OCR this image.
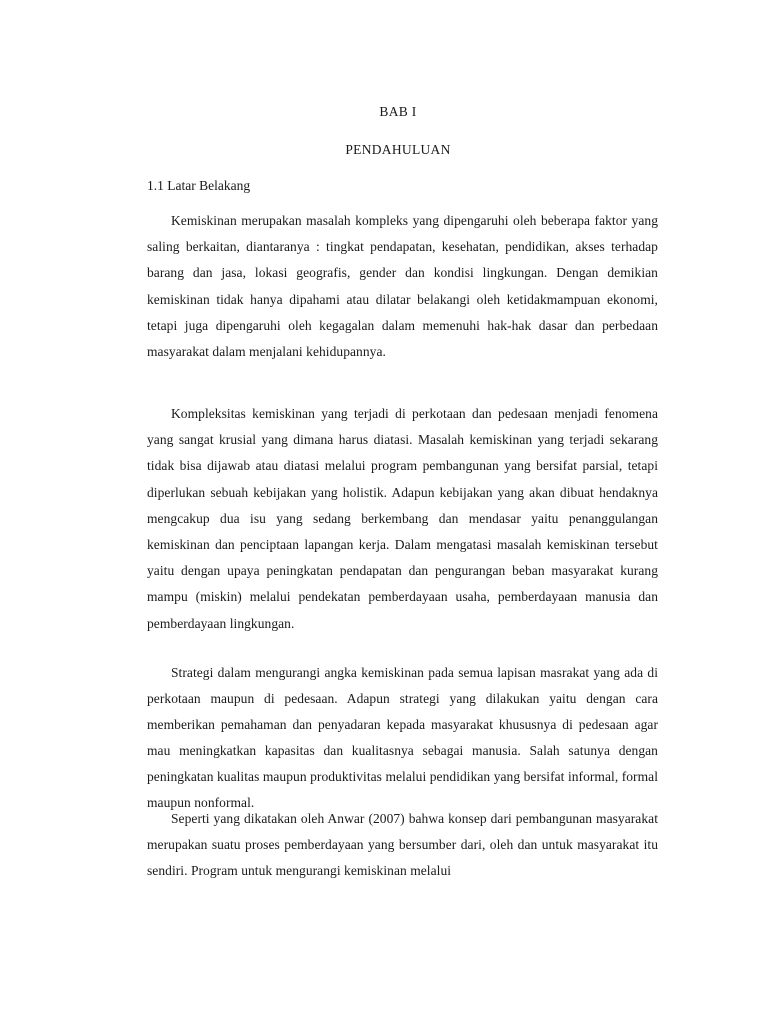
BAB I
PENDAHULUAN
1.1 Latar Belakang

Kemiskinan merupakan masalah kompleks yang dipengaruhi oleh beberapa faktor yang saling berkaitan, diantaranya : tingkat pendapatan, kesehatan, pendidikan, akses terhadap barang dan jasa, lokasi geografis, gender dan kondisi lingkungan. Dengan demikian kemiskinan tidak hanya dipahami atau dilatar belakangi oleh ketidakmampuan ekonomi, tetapi juga dipengaruhi oleh kegagalan dalam memenuhi hak-hak dasar dan perbedaan masyarakat dalam menjalani kehidupannya.

Kompleksitas kemiskinan yang terjadi di perkotaan dan pedesaan menjadi fenomena yang sangat krusial yang dimana harus diatasi. Masalah kemiskinan yang terjadi sekarang tidak bisa dijawab atau diatasi melalui program pembangunan yang bersifat parsial, tetapi diperlukan sebuah kebijakan yang holistik. Adapun kebijakan yang akan dibuat hendaknya mengcakup dua isu yang sedang berkembang dan mendasar yaitu penanggulangan kemiskinan dan penciptaan lapangan kerja. Dalam mengatasi masalah kemiskinan tersebut yaitu dengan upaya peningkatan pendapatan dan pengurangan beban masyarakat kurang mampu (miskin) melalui pendekatan pemberdayaan usaha, pemberdayaan manusia dan pemberdayaan lingkungan.

Strategi dalam mengurangi angka kemiskinan pada semua lapisan masrakat yang ada di perkotaan maupun di pedesaan. Adapun strategi yang dilakukan yaitu dengan cara memberikan pemahaman dan penyadaran kepada masyarakat khususnya di pedesaan agar mau meningkatkan kapasitas dan kualitasnya sebagai manusia. Salah satunya dengan peningkatan kualitas maupun produktivitas melalui pendidikan yang bersifat informal, formal maupun nonformal.

Seperti yang dikatakan oleh Anwar (2007) bahwa konsep dari pembangunan masyarakat merupakan suatu proses pemberdayaan yang bersumber dari, oleh dan untuk masyarakat itu sendiri. Program untuk mengurangi kemiskinan melalui
